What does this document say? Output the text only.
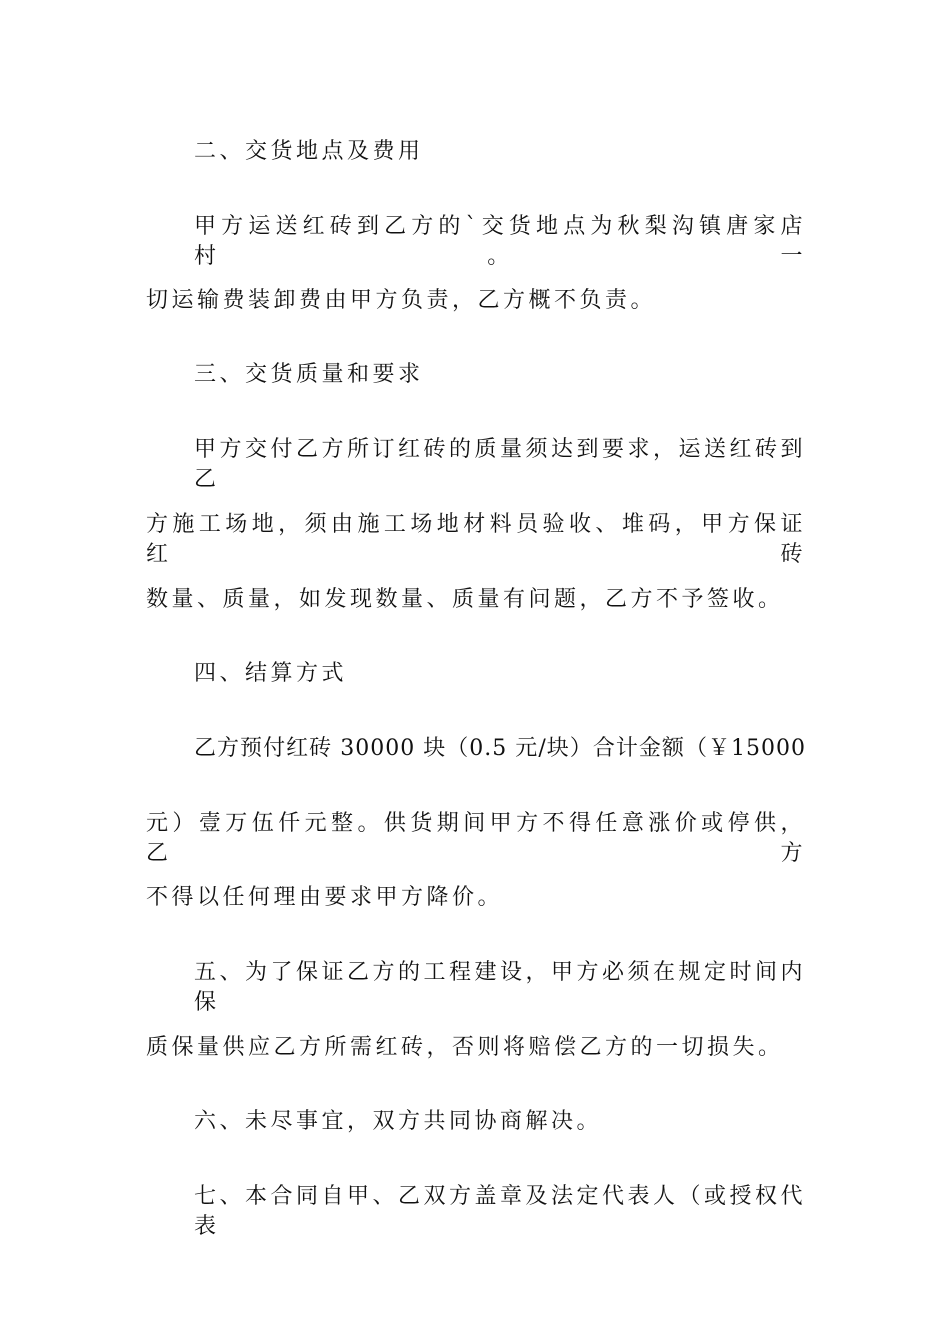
二、交货地点及费用
甲方运送红砖到乙方的`交货地点为秋梨沟镇唐家店村。一
切运输费装卸费由甲方负责，乙方概不负责。
三、交货质量和要求
甲方交付乙方所订红砖的质量须达到要求，运送红砖到乙
方施工场地，须由施工场地材料员验收、堆码，甲方保证红砖
数量、质量，如发现数量、质量有问题，乙方不予签收。
四、结算方式
乙方预付红砖 30000 块（0.5 元/块）合计金额（￥15000
元）壹万伍仟元整。供货期间甲方不得任意涨价或停供，乙方
不得以任何理由要求甲方降价。
五、为了保证乙方的工程建设，甲方必须在规定时间内保
质保量供应乙方所需红砖，否则将赔偿乙方的一切损失。
六、未尽事宜，双方共同协商解决。
七、本合同自甲、乙双方盖章及法定代表人（或授权代表
